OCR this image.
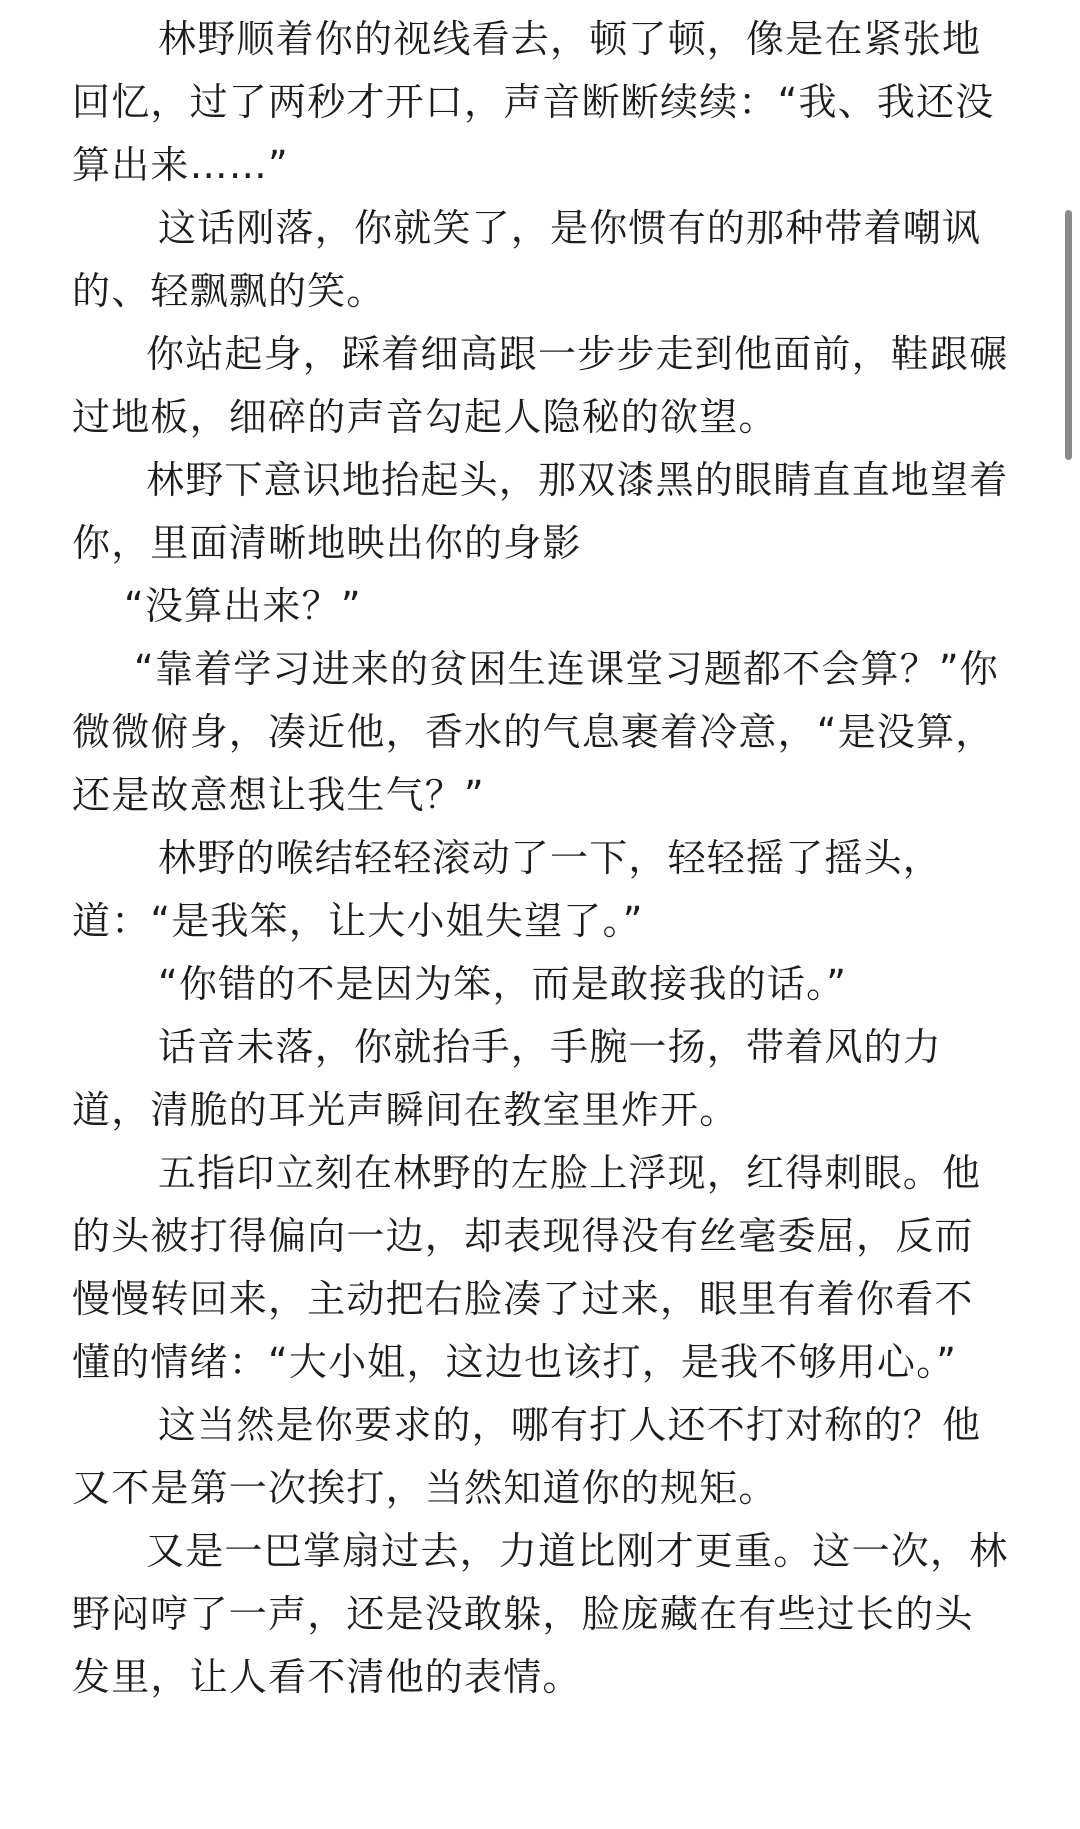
林野顺着你的视线看去，顿了顿，像是在紧张地回忆，过了两秒才开口，声音断断续续：“我、我还没算出来……”

这话刚落，你就笑了，是你惯有的那种带着嘲讽的、轻飘飘的笑。

你站起身，踩着细高跟一步步走到他面前，鞋跟碾过地板，细碎的声音勾起人隐秘的欲望。

林野下意识地抬起头，那双漆黑的眼睛直直地望着你，里面清晰地映出你的身影

“没算出来？”

“靠着学习进来的贫困生连课堂习题都不会算？”你微微俯身，凑近他，香水的气息裹着冷意，“是没算，还是故意想让我生气？”

林野的喉结轻轻滚动了一下，轻轻摇了摇头，道：“是我笨，让大小姐失望了。”

“你错的不是因为笨，而是敢接我的话。”

话音未落，你就抬手，手腕一扬，带着风的力道，清脆的耳光声瞬间在教室里炸开。

五指印立刻在林野的左脸上浮现，红得刺眼。他的头被打得偏向一边，却表现得没有丝毫委屈，反而慢慢转回来，主动把右脸凑了过来，眼里有着你看不懂的情绪：“大小姐，这边也该打，是我不够用心。”

这当然是你要求的，哪有打人还不打对称的？他又不是第一次挨打，当然知道你的规矩。

又是一巴掌扇过去，力道比刚才更重。这一次，林野闷哼了一声，还是没敢躲，脸庞藏在有些过长的头发里，让人看不清他的表情。
